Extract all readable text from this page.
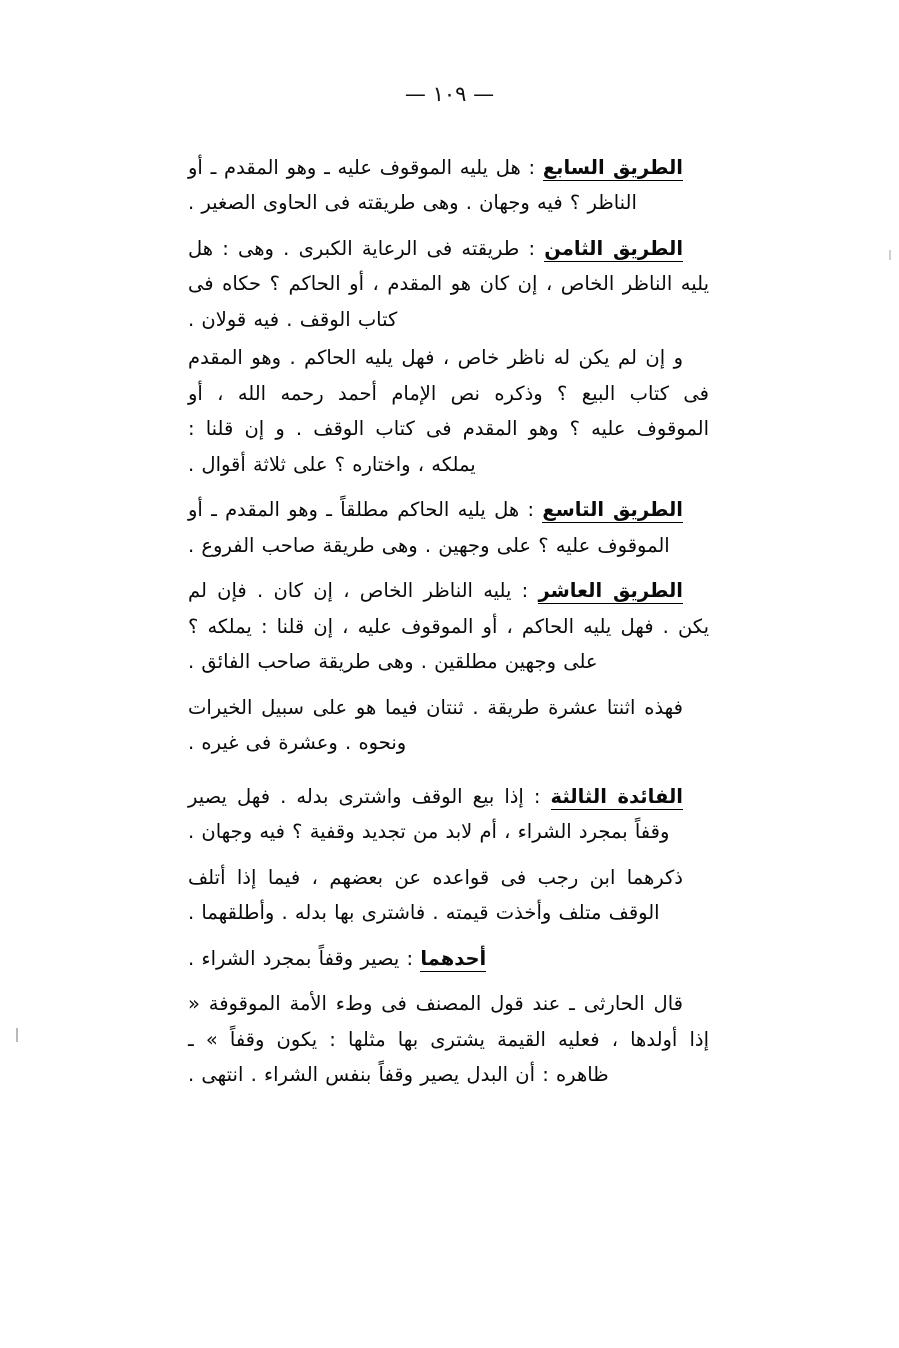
— ١٠٩ —

الطريق السابع : هل يليه الموقوف عليه ـ وهو المقدم ـ أو الناظر ؟ فيه وجهان . وهى طريقته فى الحاوى الصغير .

الطريق الثامن : طريقته فى الرعاية الكبرى . وهى : هل يليه الناظر الخاص ، إن كان هو المقدم ، أو الحاكم ؟ حكاه فى كتاب الوقف . فيه قولان .

و إن لم يكن له ناظر خاص ، فهل يليه الحاكم . وهو المقدم فى كتاب البيع ؟ وذكره نص الإمام أحمد رحمه الله ، أو الموقوف عليه ؟ وهو المقدم فى كتاب الوقف . و إن قلنا : يملكه ، واختاره ؟ على ثلاثة أقوال .

الطريق التاسع : هل يليه الحاكم مطلقاً ـ وهو المقدم ـ أو الموقوف عليه ؟ على وجهين . وهى طريقة صاحب الفروع .

الطريق العاشر : يليه الناظر الخاص ، إن كان . فإن لم يكن . فهل يليه الحاكم ، أو الموقوف عليه ، إن قلنا : يملكه ؟ على وجهين مطلقين . وهى طريقة صاحب الفائق .

فهذه اثنتا عشرة طريقة . ثنتان فيما هو على سبيل الخيرات ونحوه . وعشرة فى غيره .

الفائدة الثالثة : إذا بيع الوقف واشترى بدله . فهل يصير وقفاً بمجرد الشراء ، أم لابد من تجديد وقفية ؟ فيه وجهان .

ذكرهما ابن رجب فى قواعده عن بعضهم ، فيما إذا أتلف الوقف متلف وأخذت قيمته . فاشترى بها بدله . وأطلقهما .

أحدهما : يصير وقفاً بمجرد الشراء .

قال الحارثى ـ عند قول المصنف فى وطء الأمة الموقوفة « إذا أولدها ، فعليه القيمة يشترى بها مثلها : يكون وقفاً » ـ ظاهره : أن البدل يصير وقفاً بنفس الشراء . انتهى .
